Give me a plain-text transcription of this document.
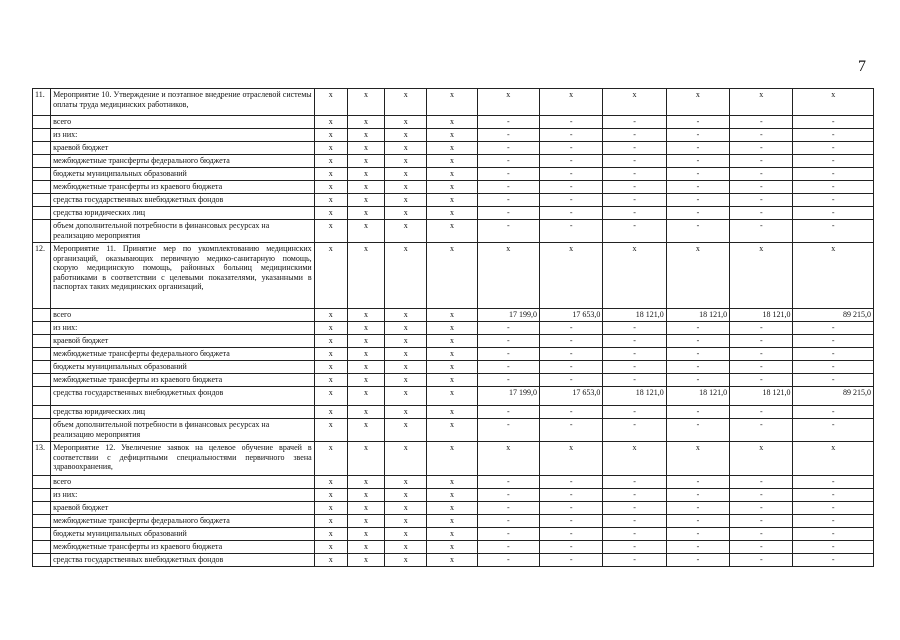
7
11.	Мероприятие 10. Утверждение и поэтапное внедрение отраслевой системы оплаты труда медицинских работников,	x	x	x	x	x	x	x	x	x	x
	всего	x	x	x	x	-	-	-	-	-	-
	из них:	x	x	x	x	-	-	-	-	-	-
	краевой бюджет	x	x	x	x	-	-	-	-	-	-
	межбюджетные трансферты федерального бюджета	x	x	x	x	-	-	-	-	-	-
	бюджеты муниципальных образований	x	x	x	x	-	-	-	-	-	-
	межбюджетные трансферты из краевого бюджета	x	x	x	x	-	-	-	-	-	-
	средства государственных внебюджетных фондов	x	x	x	x	-	-	-	-	-	-
	средства юридических лиц	x	x	x	x	-	-	-	-	-	-
	объем дополнительной потребности в финансовых ресурсах на реализацию мероприятия	x	x	x	x	-	-	-	-	-	-
12.	Мероприятие 11. Принятие мер по укомплектованию медицинских организаций, оказывающих первичную медико-санитарную помощь, скорую медицинскую помощь, районных больниц медицинскими работниками в соответствии с целевыми показателями, указанными в паспортах таких медицинских организаций,	x	x	x	x	x	x	x	x	x	x
	всего	x	x	x	x	17 199,0	17 653,0	18 121,0	18 121,0	18 121,0	89 215,0
	из них:	x	x	x	x	-	-	-	-	-	-
	краевой бюджет	x	x	x	x	-	-	-	-	-	-
	межбюджетные трансферты федерального бюджета	x	x	x	x	-	-	-	-	-	-
	бюджеты муниципальных образований	x	x	x	x	-	-	-	-	-	-
	межбюджетные трансферты из краевого бюджета	x	x	x	x	-	-	-	-	-	-
	средства государственных внебюджетных фондов	x	x	x	x	17 199,0	17 653,0	18 121,0	18 121,0	18 121,0	89 215,0
	средства юридических лиц	x	x	x	x	-	-	-	-	-	-
	объем дополнительной потребности в финансовых ресурсах на реализацию мероприятия	x	x	x	x	-	-	-	-	-	-
13.	Мероприятие 12. Увеличение заявок на целевое обучение врачей в соответствии с дефицитными специальностями первичного звена здравоохранения,	x	x	x	x	x	x	x	x	x	x
	всего	x	x	x	x	-	-	-	-	-	-
	из них:	x	x	x	x	-	-	-	-	-	-
	краевой бюджет	x	x	x	x	-	-	-	-	-	-
	межбюджетные трансферты федерального бюджета	x	x	x	x	-	-	-	-	-	-
	бюджеты муниципальных образований	x	x	x	x	-	-	-	-	-	-
	межбюджетные трансферты из краевого бюджета	x	x	x	x	-	-	-	-	-	-
	средства государственных внебюджетных фондов	x	x	x	x	-	-	-	-	-	-
